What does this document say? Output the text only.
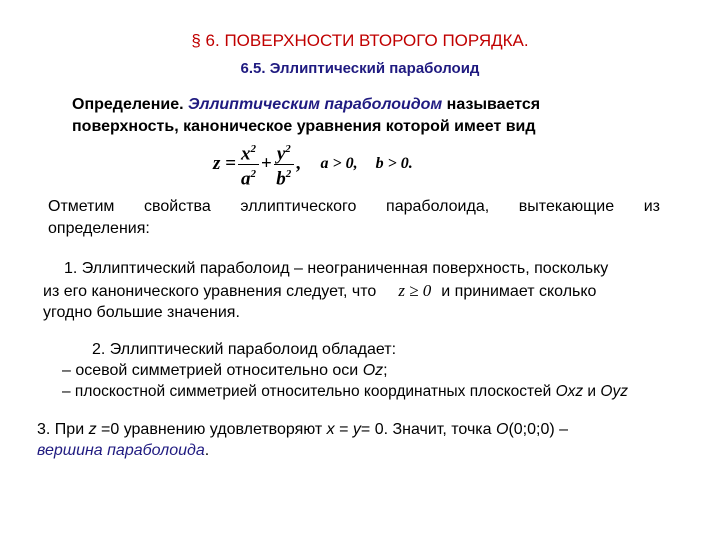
§ 6. ПОВЕРХНОСТИ ВТОРОГО ПОРЯДКА.
6.5. Эллиптический параболоид
Определение. Эллиптическим параболоидом называется
поверхность, каноническое уравнения которой имеет вид
$z = \frac{x^2}{a^2} + \frac{y^2}{b^2}$ , a > 0, b > 0.
Отметим свойства эллиптического параболоида, вытекающие из
определения:
1. Эллиптический параболоид – неограниченная поверхность, поскольку
из его канонического уравнения следует, что z ≥ 0 и принимает сколько
угодно большие значения.
2. Эллиптический параболоид обладает:
– осевой симметрией относительно оси Oz;
– плоскостной симметрией относительно координатных плоскостей Oxz и Oyz
3. При z =0 уравнению удовлетворяют x = y= 0. Значит, точка O(0;0;0) –
вершина параболоида.
